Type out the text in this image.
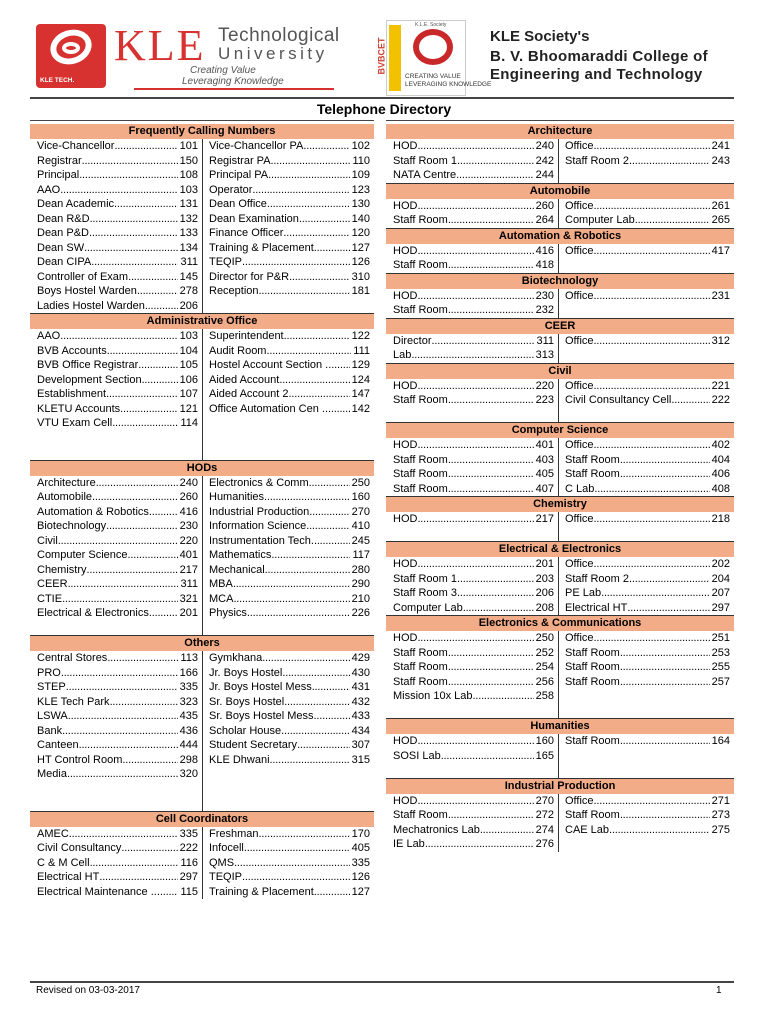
KLE TECH.
KLE Technological
University
Creating Value
Leveraging Knowledge
BVBCET
K.L.E. Society
CREATING VALUE
LEVERAGING KNOWLEDGE
KLE Society's
B. V. Bhoomaraddi College of
Engineering and Technology
Telephone Directory
Frequently Calling Numbers
Vice-Chancellor .....	101 Vice-Chancellor PA .....	102
Registrar .....	150 Registrar PA .....	110
Principal .....	108 Principal PA .....	109
AAO .....	103 Operator .....	123
Dean Academic .....	131 Dean Office .....	130
Dean R&D .....	132 Dean Examination .....	140
Dean P&D .....	133 Finance Officer .....	120
Dean SW .....	134 Training & Placement .....	127
Dean CIPA .....	311 TEQIP .....	126
Controller of Exam .....	145 Director for P&R .....	310
Boys Hostel Warden .....	278 Reception .....	181
Ladies Hostel Warden .....	206
Administrative Office
AAO .....	103 Superintendent .....	122
BVB Accounts .....	104 Audit Room .....	111
BVB Office Registrar .....	105 Hostel Account Section .. ..... 129
Development Section .....	106 Aided Account .....	124
Establishment .....	107 Aided Account 2 .....	147
KLETU Accounts .....	121 Office Automation Cen .. ..... 142
VTU Exam Cell .....	114
HODs
Architecture .....	240 Electronics & Comm .....	250
Automobile .....	260 Humanities .....	160
Automation & Robotics .....	416 Industrial Production .....	270
Biotechnology .....	230 Information Science .....	410
Civil .....	220 Instrumentation Tech. .....	245
Computer Science .....	401 Mathematics .....	117
Chemistry .....	217 Mechanical .....	280
CEER .....	311 MBA .....	290
CTIE .....	321 MCA .....	210
Electrical & Electronics .....	201 Physics .....	226
Others
Central Stores .....	113 Gymkhana .....	429
PRO .....	166 Jr. Boys Hostel .....	430
STEP .....	335 Jr. Boys Hostel Mess .....	431
KLE Tech Park .....	323 Sr. Boys Hostel .....	432
LSWA .....	435 Sr. Boys Hostel Mess .....	433
Bank .....	436 Scholar House .....	434
Canteen .....	444 Student Secretary .....	307
HT Control Room .....	298 KLE Dhwani .....	315
Media .....	320
Cell Coordinators
AMEC .....	335 Freshman .....	170
Civil Consultancy .....	222 Infocell .....	405
C & M Cell .....	116 QMS .....	335
Electrical HT .....	297 TEQIP .....	126
Electrical Maintenance ... ..... 115 Training & Placement .....	127
Architecture
HOD .....	240 Office .....	241
Staff Room 1 .....	242 Staff Room 2 .....	243
NATA Centre .....	244
Automobile
HOD .....	260 Office .....	261
Staff Room .....	264 Computer Lab .....	265
Automation & Robotics
HOD .....	416 Office .....	417
Staff Room .....	418
Biotechnology
HOD .....	230 Office .....	231
Staff Room .....	232
CEER
Director .....	311 Office .....	312
Lab .....	313
Civil
HOD .....	220 Office .....	221
Staff Room .....	223 Civil Consultancy Cell .....	222
Computer Science
HOD .....	401 Office .....	402
Staff Room .....	403 Staff Room .....	404
Staff Room .....	405 Staff Room .....	406
Staff Room .....	407 C Lab .....	408
Chemistry
HOD .....	217 Office .....	218
Electrical & Electronics
HOD .....	201 Office .....	202
Staff Room 1 .....	203 Staff Room 2 .....	204
Staff Room 3 .....	206 PE Lab .....	207
Computer Lab .....	208 Electrical HT .....	297
Electronics & Communications
HOD .....	250 Office .....	251
Staff Room .....	252 Staff Room .....	253
Staff Room .....	254 Staff Room .....	255
Staff Room .....	256 Staff Room .....	257
Mission 10x Lab .....	258
Humanities
HOD .....	160 Staff Room .....	164
SOSI Lab .....	165
Industrial Production
HOD .....	270 Office .....	271
Staff Room .....	272 Staff Room .....	273
Mechatronics Lab .....	274 CAE Lab .....	275
IE Lab .....	276
Revised on 03-03-2017	1
